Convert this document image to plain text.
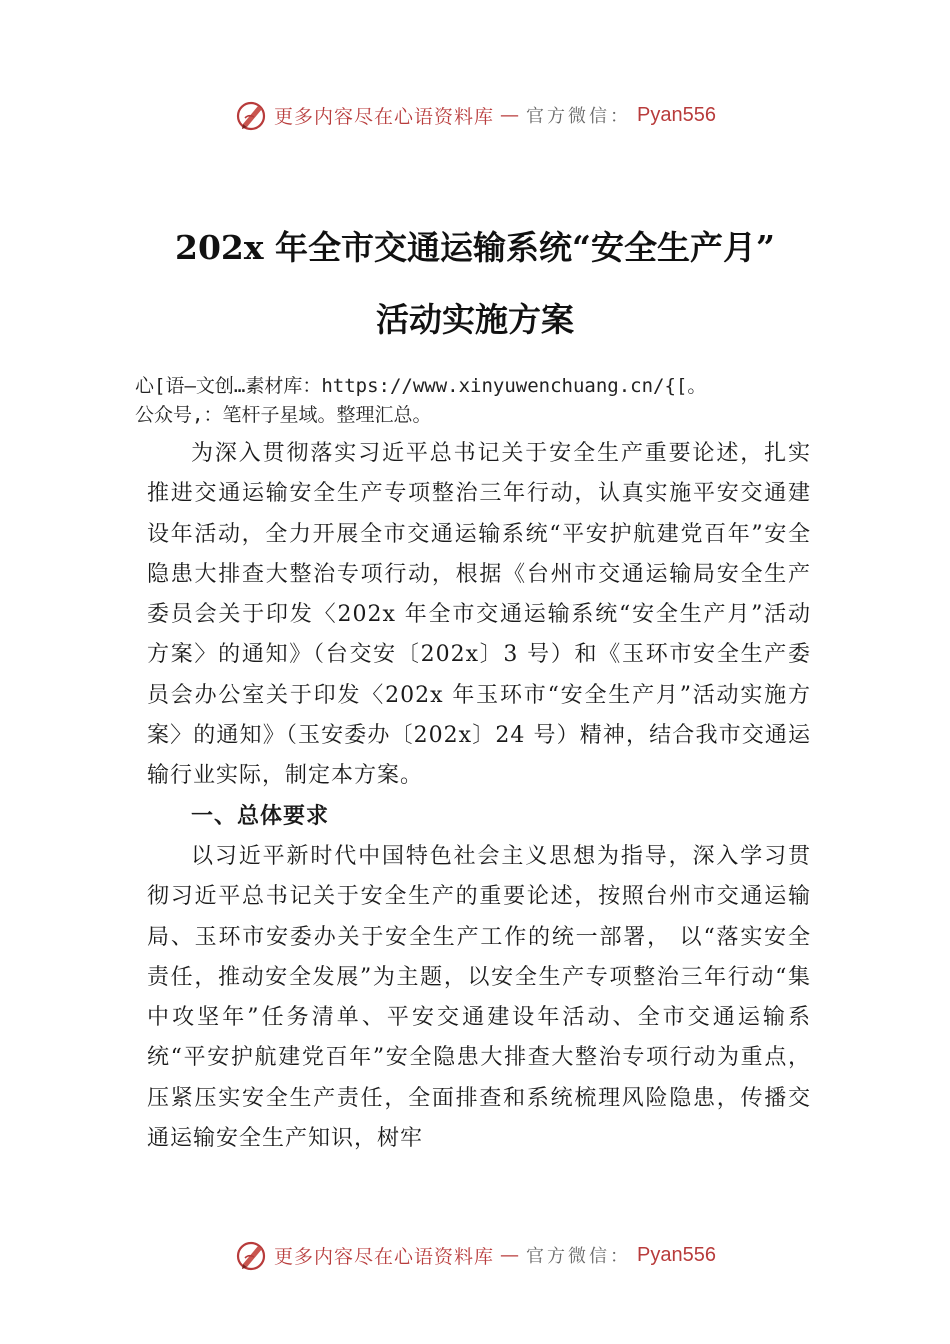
更多内容尽在心语资料库 — 官方微信： Pyan556
202x 年全市交通运输系统“安全生产月”
活动实施方案
心[语—文创…素材库：https://www.xinyuwenchuang.cn/{[。
公众号,：笔杆子星域。整理汇总。

为深入贯彻落实习近平总书记关于安全生产重要论述，扎实推进交通运输安全生产专项整治三年行动，认真实施平安交通建设年活动，全力开展全市交通运输系统“平安护航建党百年”安全隐患大排查大整治专项行动，根据《台州市交通运输局安全生产委员会关于印发〈202x 年全市交通运输系统“安全生产月”活动方案〉的通知》（台交安〔202x〕3 号）和《玉环市安全生产委员会办公室关于印发〈202x 年玉环市“安全生产月”活动实施方案〉的通知》（玉安委办〔202x〕24 号）精神，结合我市交通运输行业实际，制定本方案。

一、总体要求

以习近平新时代中国特色社会主义思想为指导，深入学习贯彻习近平总书记关于安全生产的重要论述，按照台州市交通运输局、玉环市安委办关于安全生产工作的统一部署， 以“落实安全责任，推动安全发展”为主题，以安全生产专项整治三年行动“集中攻坚年”任务清单、平安交通建设年活动、全市交通运输系统“平安护航建党百年”安全隐患大排查大整治专项行动为重点，压紧压实安全生产责任，全面排查和系统梳理风险隐患，传播交通运输安全生产知识，树牢

更多内容尽在心语资料库 — 官方微信： Pyan556
